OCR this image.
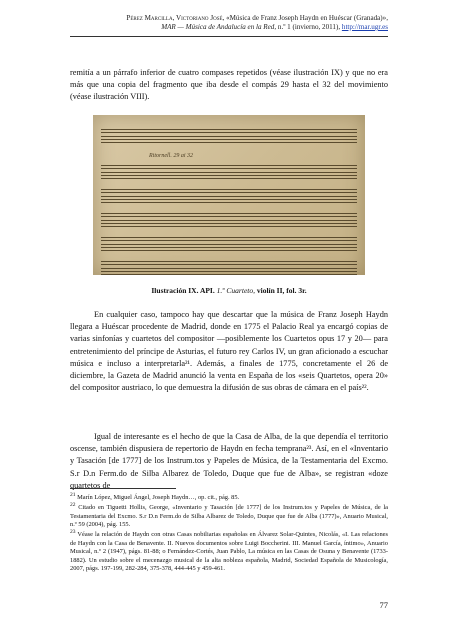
Pérez Marcilla, Victoriano José, «Música de Franz Joseph Haydn en Huéscar (Granada)»,
MAR — Música de Andalucía en la Red, n.º 1 (invierno, 2011), http://mar.ugr.es

remitía a un párrafo inferior de cuatro compases repetidos (véase ilustración IX) y que no era más que una copia del fragmento que iba desde el compás 29 hasta el 32 del movimiento (véase ilustración VIII).

Ritornell. 29 ai 32
Ilustración IX. API. 1.º Cuarteto, violín II, fol. 3r.

En cualquier caso, tampoco hay que descartar que la música de Franz Joseph Haydn llegara a Huéscar procedente de Madrid, donde en 1775 el Palacio Real ya encargó copias de varias sinfonías y cuartetos del compositor —posiblemente los Cuartetos opus 17 y 20— para entretenimiento del príncipe de Asturias, el futuro rey Carlos IV, un gran aficionado a escuchar música e incluso a interpretarla²¹. Además, a finales de 1775, concretamente el 26 de diciembre, la Gazeta de Madrid anunció la venta en España de los «seis Quartetos, opera 20» del compositor austriaco, lo que demuestra la difusión de sus obras de cámara en el país²².

Igual de interesante es el hecho de que la Casa de Alba, de la que dependía el territorio oscense, también dispusiera de repertorio de Haydn en fecha temprana²³. Así, en el «Inventario y Tasación [de 1777] de los Instrum.tos y Papeles de Música, de la Testamentaria del Excmo. S.r D.n Ferm.do de Silba Albarez de Toledo, Duque que fue de Alba», se registran «doze quartetos de

$^{21}$ Marín López, Miguel Ángel, Joseph Haydn…, op. cit., pág. 85.

$^{22}$ Citado en Tiguetti Hollis, George, «Inventario y Tasación [de 1777] de los Instrum.tos y Papeles de Música, de la Testamentaria del Excmo. S.r D.n Ferm.do de Silba Albarez de Toledo, Duque que fue de Alba (1777)», Anuario Musical, n.º 59 (2004), pág. 155.

$^{23}$ Véase la relación de Haydn con otras Casas nobiliarias españolas en Álvarez Solar-Quintes, Nicolás, «I. Las relaciones de Haydn con la Casa de Benavente. II. Nuevos documentos sobre Luigi Boccherini. III. Manuel García, íntimo», Anuario Musical, n.º 2 (1947), págs. 81-88; o Fernández-Cortés, Juan Pablo, La música en las Casas de Osuna y Benavente (1733-1882). Un estudio sobre el mecenazgo musical de la alta nobleza española, Madrid, Sociedad Española de Musicología, 2007, págs. 197-199, 282-284, 375-378, 444-445 y 459-461.

77
